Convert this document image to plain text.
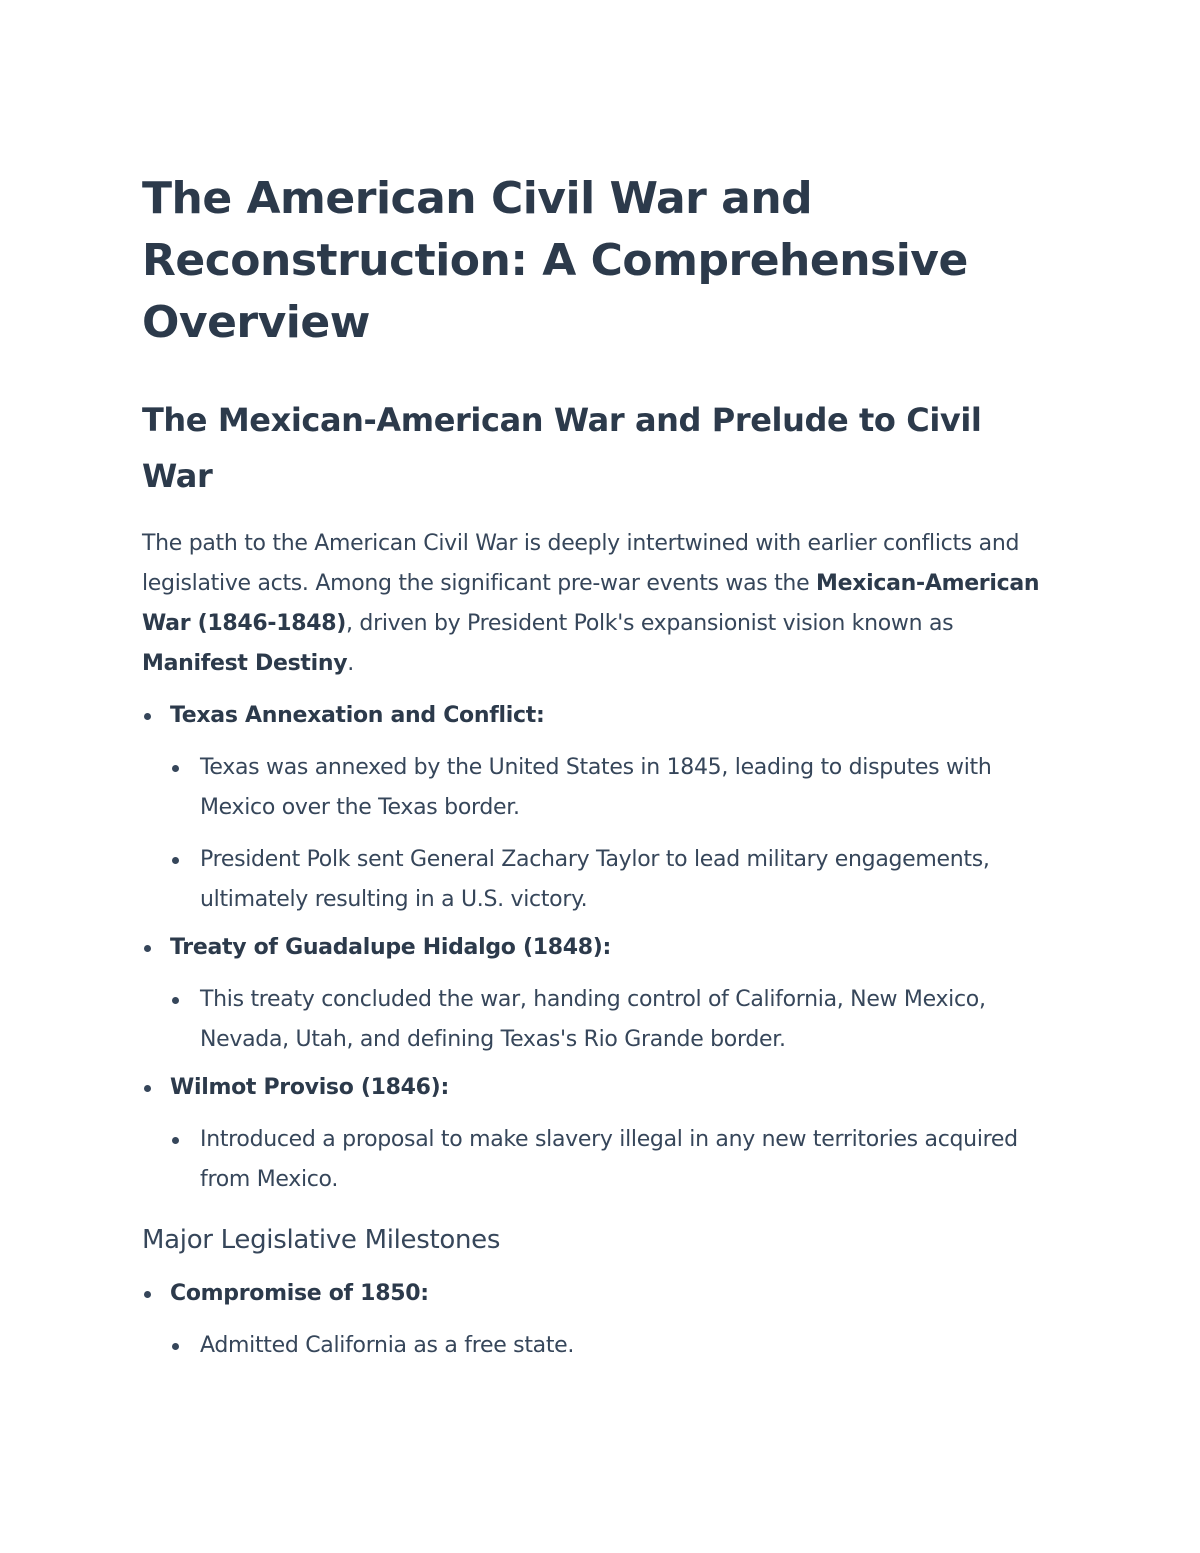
The American Civil War and Reconstruction: A Comprehensive Overview
The Mexican-American War and Prelude to Civil War

The path to the American Civil War is deeply intertwined with earlier conflicts and legislative acts. Among the significant pre-war events was the Mexican-American War (1846-1848), driven by President Polk's expansionist vision known as Manifest Destiny.

Texas Annexation and Conflict:
Texas was annexed by the United States in 1845, leading to disputes with Mexico over the Texas border.
President Polk sent General Zachary Taylor to lead military engagements, ultimately resulting in a U.S. victory.
Treaty of Guadalupe Hidalgo (1848):
This treaty concluded the war, handing control of California, New Mexico, Nevada, Utah, and defining Texas's Rio Grande border.
Wilmot Proviso (1846):
Introduced a proposal to make slavery illegal in any new territories acquired from Mexico.
Major Legislative Milestones
Compromise of 1850:
Admitted California as a free state.
